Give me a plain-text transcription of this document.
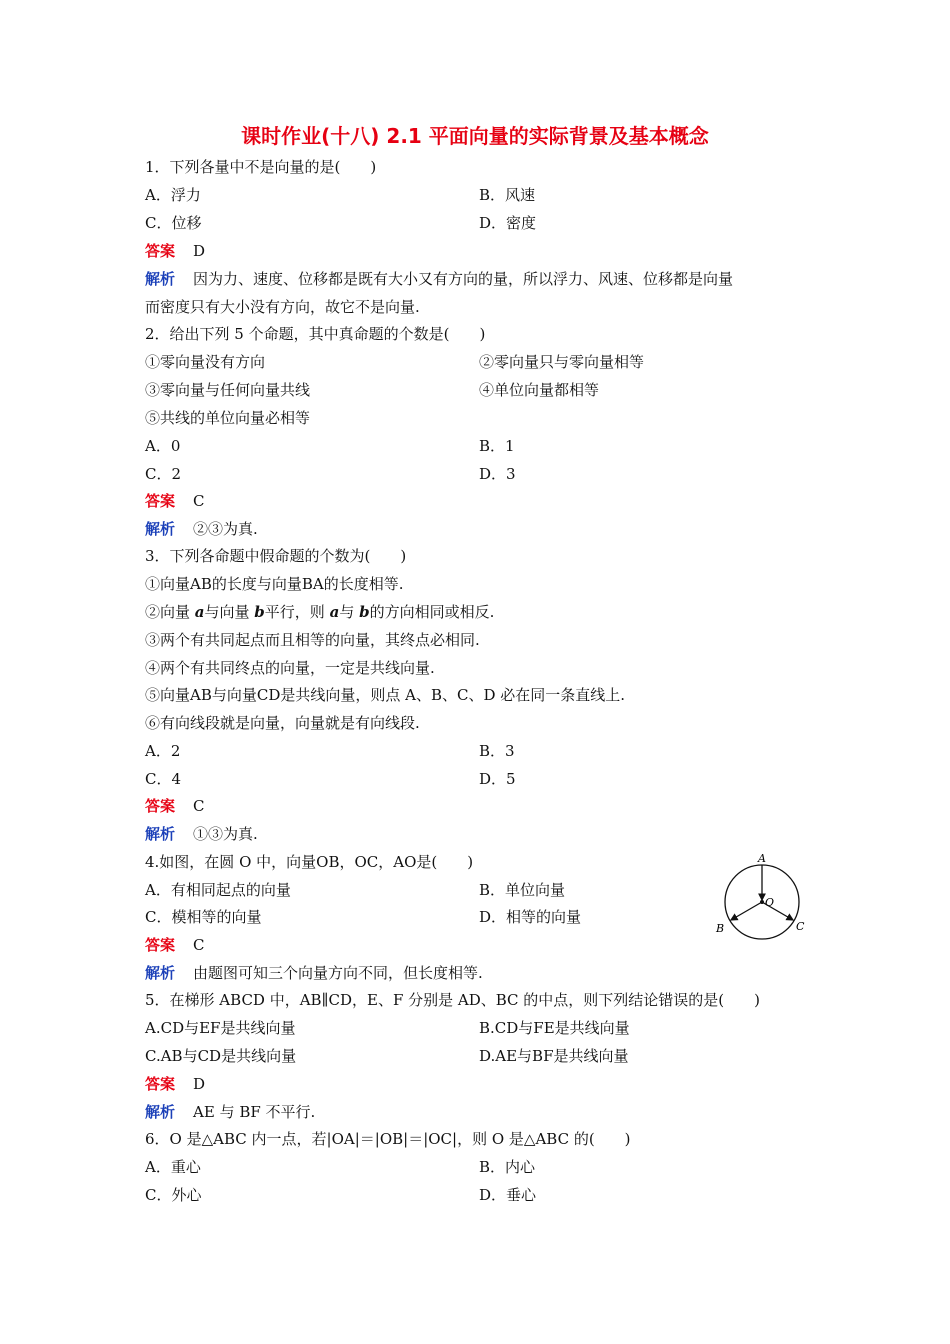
课时作业(十八) 2.1 平面向量的实际背景及基本概念
1．下列各量中不是向量的是(　　)
A．浮力	B．风速
C．位移	D．密度
答案 D
解析 因为力、速度、位移都是既有大小又有方向的量，所以浮力、风速、位移都是向量
而密度只有大小没有方向，故它不是向量.
2．给出下列 5 个命题，其中真命题的个数是(　　)
①零向量没有方向	②零向量只与零向量相等
③零向量与任何向量共线	④单位向量都相等
⑤共线的单位向量必相等
A．0	B．1
C．2	D．3
答案 C
解析 ②③为真.
3．下列各命题中假命题的个数为(　　)
①向量AB的长度与向量BA的长度相等.
②向量 a与向量 b平行，则 a与 b的方向相同或相反.
③两个有共同起点而且相等的向量，其终点必相同.
④两个有共同终点的向量，一定是共线向量.
⑤向量AB与向量CD是共线向量，则点 A、B、C、D 必在同一条直线上.
⑥有向线段就是向量，向量就是有向线段.
A．2	B．3
C．4	D．5
答案 C
解析 ①③为真.
4.如图，在圆 O 中，向量OB，OC，AO是(　　)
A．有相同起点的向量	B．单位向量
C．模相等的向量	D．相等的向量
答案 C
解析 由题图可知三个向量方向不同，但长度相等.
A
O
B	C
5．在梯形 ABCD 中，AB∥CD，E、F 分别是 AD、BC 的中点，则下列结论错误的是(　　)
A.CD与EF是共线向量	B.CD与FE是共线向量
C.AB与CD是共线向量	D.AE与BF是共线向量
答案 D
解析 AE 与 BF 不平行.
6．O 是△ABC 内一点，若|OA|＝|OB|＝|OC|，则 O 是△ABC 的(　　)
A．重心	B．内心
C．外心	D．垂心
